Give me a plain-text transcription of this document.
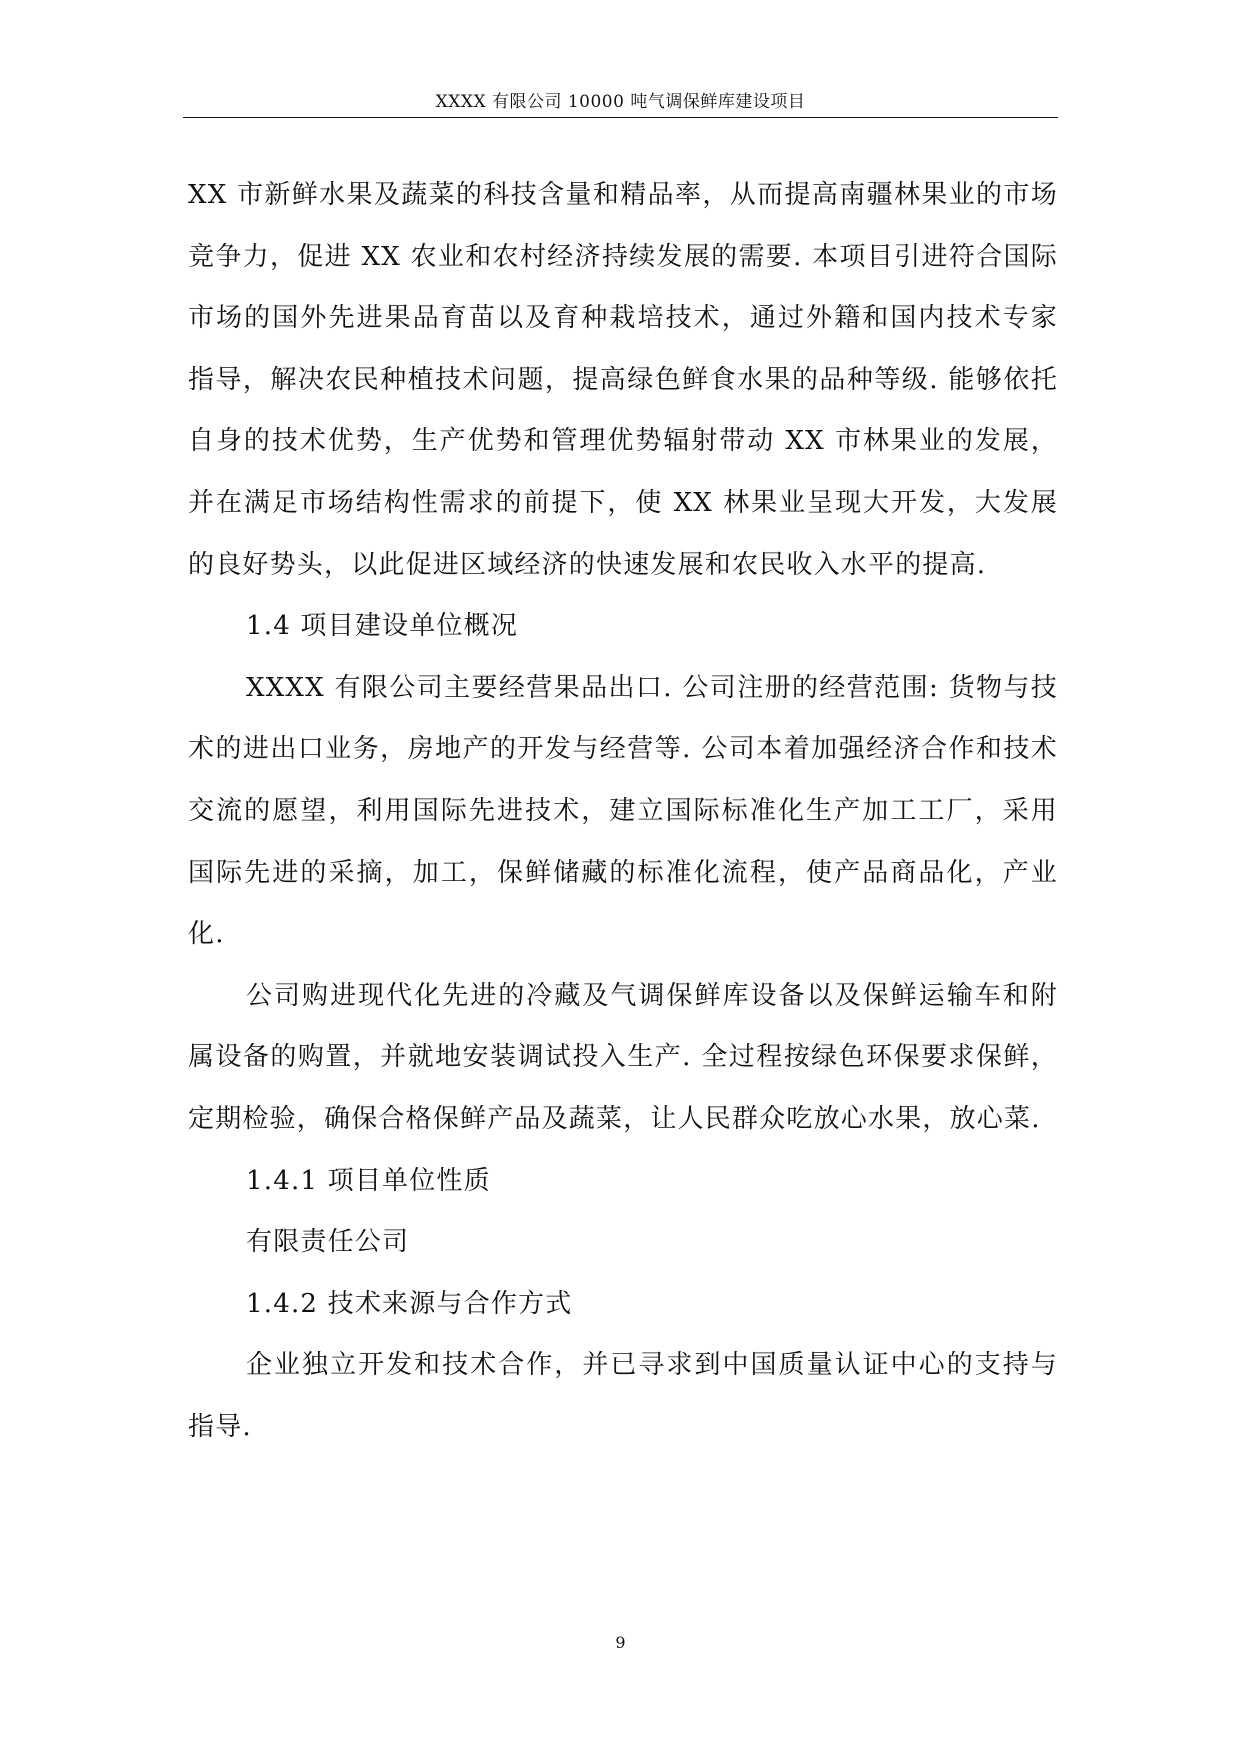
XXXX 有限公司 10000 吨气调保鲜库建设项目

XX 市新鲜水果及蔬菜的科技含量和精品率，从而提高南疆林果业的市场竞争力，促进 XX 农业和农村经济持续发展的需要. 本项目引进符合国际市场的国外先进果品育苗以及育种栽培技术，通过外籍和国内技术专家指导，解决农民种植技术问题，提高绿色鲜食水果的品种等级. 能够依托自身的技术优势，生产优势和管理优势辐射带动 XX 市林果业的发展，并在满足市场结构性需求的前提下，使 XX 林果业呈现大开发，大发展的良好势头，以此促进区域经济的快速发展和农民收入水平的提高.

1.4 项目建设单位概况

XXXX 有限公司主要经营果品出口. 公司注册的经营范围: 货物与技术的进出口业务，房地产的开发与经营等. 公司本着加强经济合作和技术交流的愿望，利用国际先进技术，建立国际标准化生产加工工厂，采用国际先进的采摘，加工，保鲜储藏的标准化流程，使产品商品化，产业化.

公司购进现代化先进的冷藏及气调保鲜库设备以及保鲜运输车和附属设备的购置，并就地安装调试投入生产. 全过程按绿色环保要求保鲜，定期检验，确保合格保鲜产品及蔬菜，让人民群众吃放心水果，放心菜.

1.4.1 项目单位性质

有限责任公司

1.4.2 技术来源与合作方式

企业独立开发和技术合作，并已寻求到中国质量认证中心的支持与指导.

9
